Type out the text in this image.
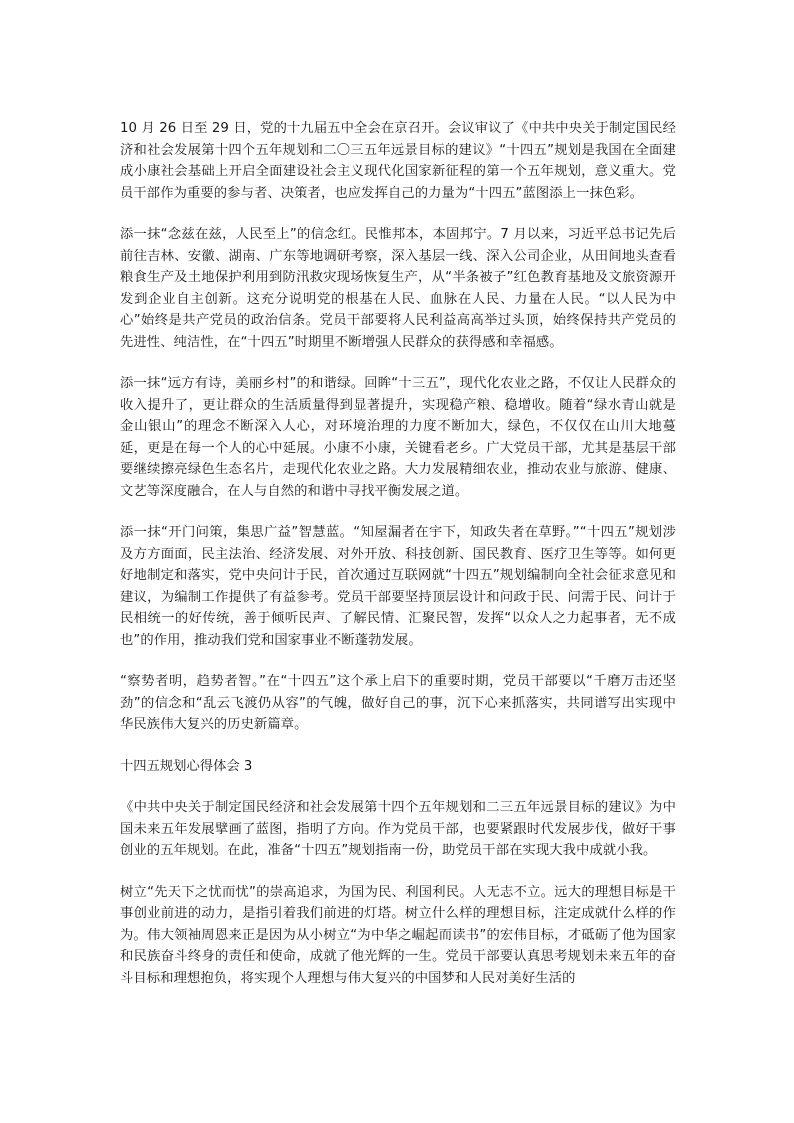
10 月 26 日至 29 日，党的十九届五中全会在京召开。会议审议了《中共中央关于制定国民经济和社会发展第十四个五年规划和二〇三五年远景目标的建议》“十四五”规划是我国在全面建成小康社会基础上开启全面建设社会主义现代化国家新征程的第一个五年规划，意义重大。党员干部作为重要的参与者、决策者，也应发挥自己的力量为“十四五”蓝图添上一抹色彩。

添一抹“念兹在兹，人民至上”的信念红。民惟邦本，本固邦宁。7 月以来，习近平总书记先后前往吉林、安徽、湖南、广东等地调研考察，深入基层一线、深入公司企业，从田间地头查看粮食生产及土地保护利用到防汛救灾现场恢复生产，从“半条被子”红色教育基地及文旅资源开发到企业自主创新。这充分说明党的根基在人民、血脉在人民、力量在人民。“以人民为中心”始终是共产党员的政治信条。党员干部要将人民利益高高举过头顶，始终保持共产党员的先进性、纯洁性，在“十四五”时期里不断增强人民群众的获得感和幸福感。

添一抹“远方有诗，美丽乡村”的和谐绿。回眸“十三五”，现代化农业之路，不仅让人民群众的收入提升了，更让群众的生活质量得到显著提升，实现稳产粮、稳增收。随着“绿水青山就是金山银山”的理念不断深入人心，对环境治理的力度不断加大，绿色，不仅仅在山川大地蔓延，更是在每一个人的心中延展。小康不小康，关键看老乡。广大党员干部，尤其是基层干部要继续擦亮绿色生态名片，走现代化农业之路。大力发展精细农业，推动农业与旅游、健康、文艺等深度融合，在人与自然的和谐中寻找平衡发展之道。

添一抹“开门问策，集思广益”智慧蓝。“知屋漏者在宇下，知政失者在草野。”“十四五”规划涉及方方面面，民主法治、经济发展、对外开放、科技创新、国民教育、医疗卫生等等。如何更好地制定和落实，党中央问计于民，首次通过互联网就“十四五”规划编制向全社会征求意见和建议，为编制工作提供了有益参考。党员干部要坚持顶层设计和问政于民、问需于民、问计于民相统一的好传统，善于倾听民声、了解民情、汇聚民智，发挥“以众人之力起事者，无不成也”的作用，推动我们党和国家事业不断蓬勃发展。

“察势者明，趋势者智。”在“十四五”这个承上启下的重要时期，党员干部要以“千磨万击还坚劲”的信念和“乱云飞渡仍从容”的气魄，做好自己的事，沉下心来抓落实，共同谱写出实现中华民族伟大复兴的历史新篇章。

十四五规划心得体会 3

《中共中央关于制定国民经济和社会发展第十四个五年规划和二三五年远景目标的建议》为中国未来五年发展擘画了蓝图，指明了方向。作为党员干部，也要紧跟时代发展步伐，做好干事创业的五年规划。在此，准备“十四五”规划指南一份，助党员干部在实现大我中成就小我。

树立“先天下之忧而忧”的崇高追求，为国为民、利国利民。人无志不立。远大的理想目标是干事创业前进的动力，是指引着我们前进的灯塔。树立什么样的理想目标，注定成就什么样的作为。伟大领袖周恩来正是因为从小树立“为中华之崛起而读书”的宏伟目标，才砥砺了他为国家和民族奋斗终身的责任和使命，成就了他光辉的一生。党员干部要认真思考规划未来五年的奋斗目标和理想抱负，将实现个人理想与伟大复兴的中国梦和人民对美好生活的
